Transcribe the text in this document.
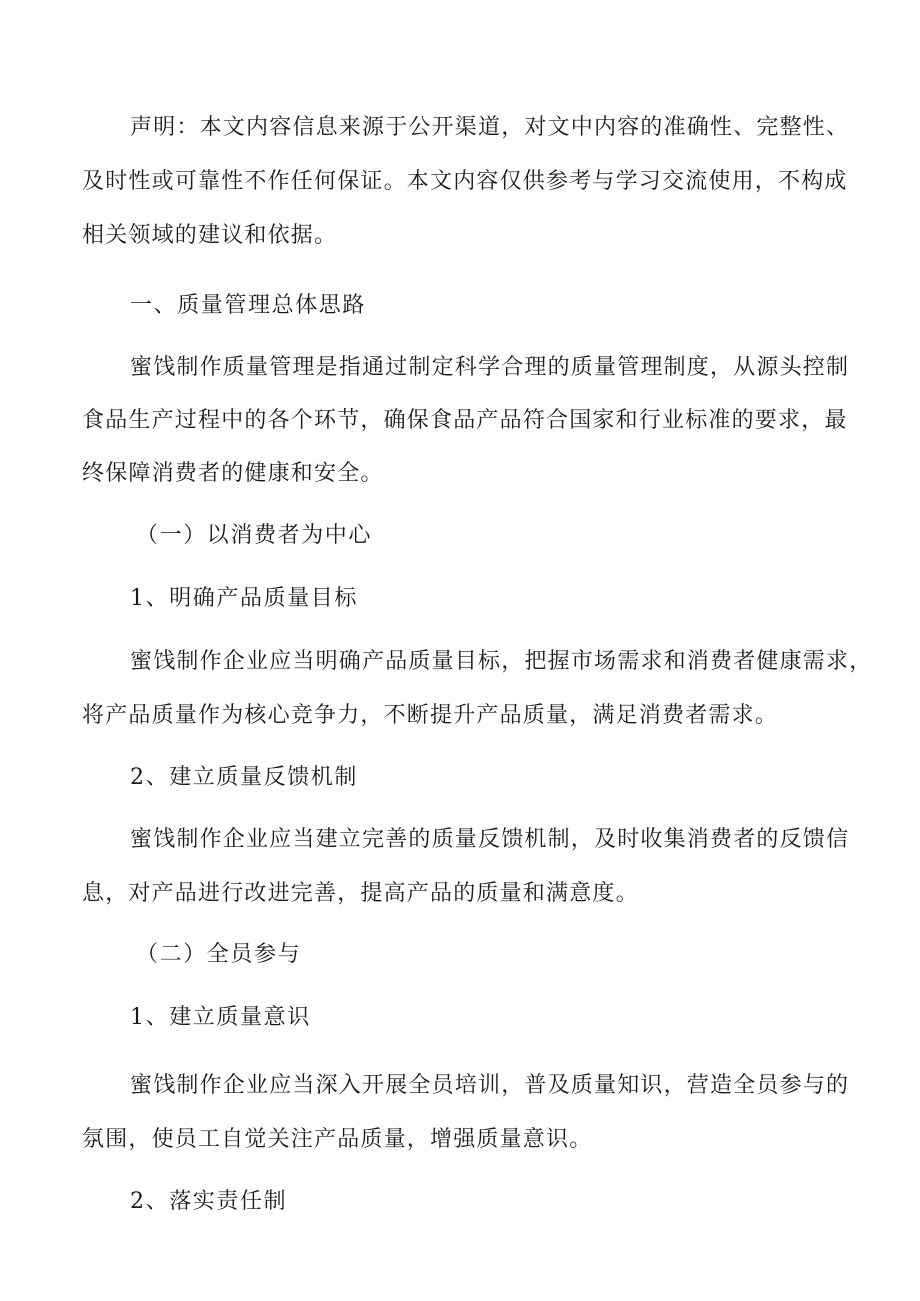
声明：本文内容信息来源于公开渠道，对文中内容的准确性、完整性、
及时性或可靠性不作任何保证。本文内容仅供参考与学习交流使用，不构成
相关领域的建议和依据。
一、质量管理总体思路
蜜饯制作质量管理是指通过制定科学合理的质量管理制度，从源头控制
食品生产过程中的各个环节，确保食品产品符合国家和行业标准的要求，最
终保障消费者的健康和安全。
（一）以消费者为中心
1、明确产品质量目标
蜜饯制作企业应当明确产品质量目标，把握市场需求和消费者健康需求，
将产品质量作为核心竞争力，不断提升产品质量，满足消费者需求。
2、建立质量反馈机制
蜜饯制作企业应当建立完善的质量反馈机制，及时收集消费者的反馈信
息，对产品进行改进完善，提高产品的质量和满意度。
（二）全员参与
1、建立质量意识
蜜饯制作企业应当深入开展全员培训，普及质量知识，营造全员参与的
氛围，使员工自觉关注产品质量，增强质量意识。
2、落实责任制
